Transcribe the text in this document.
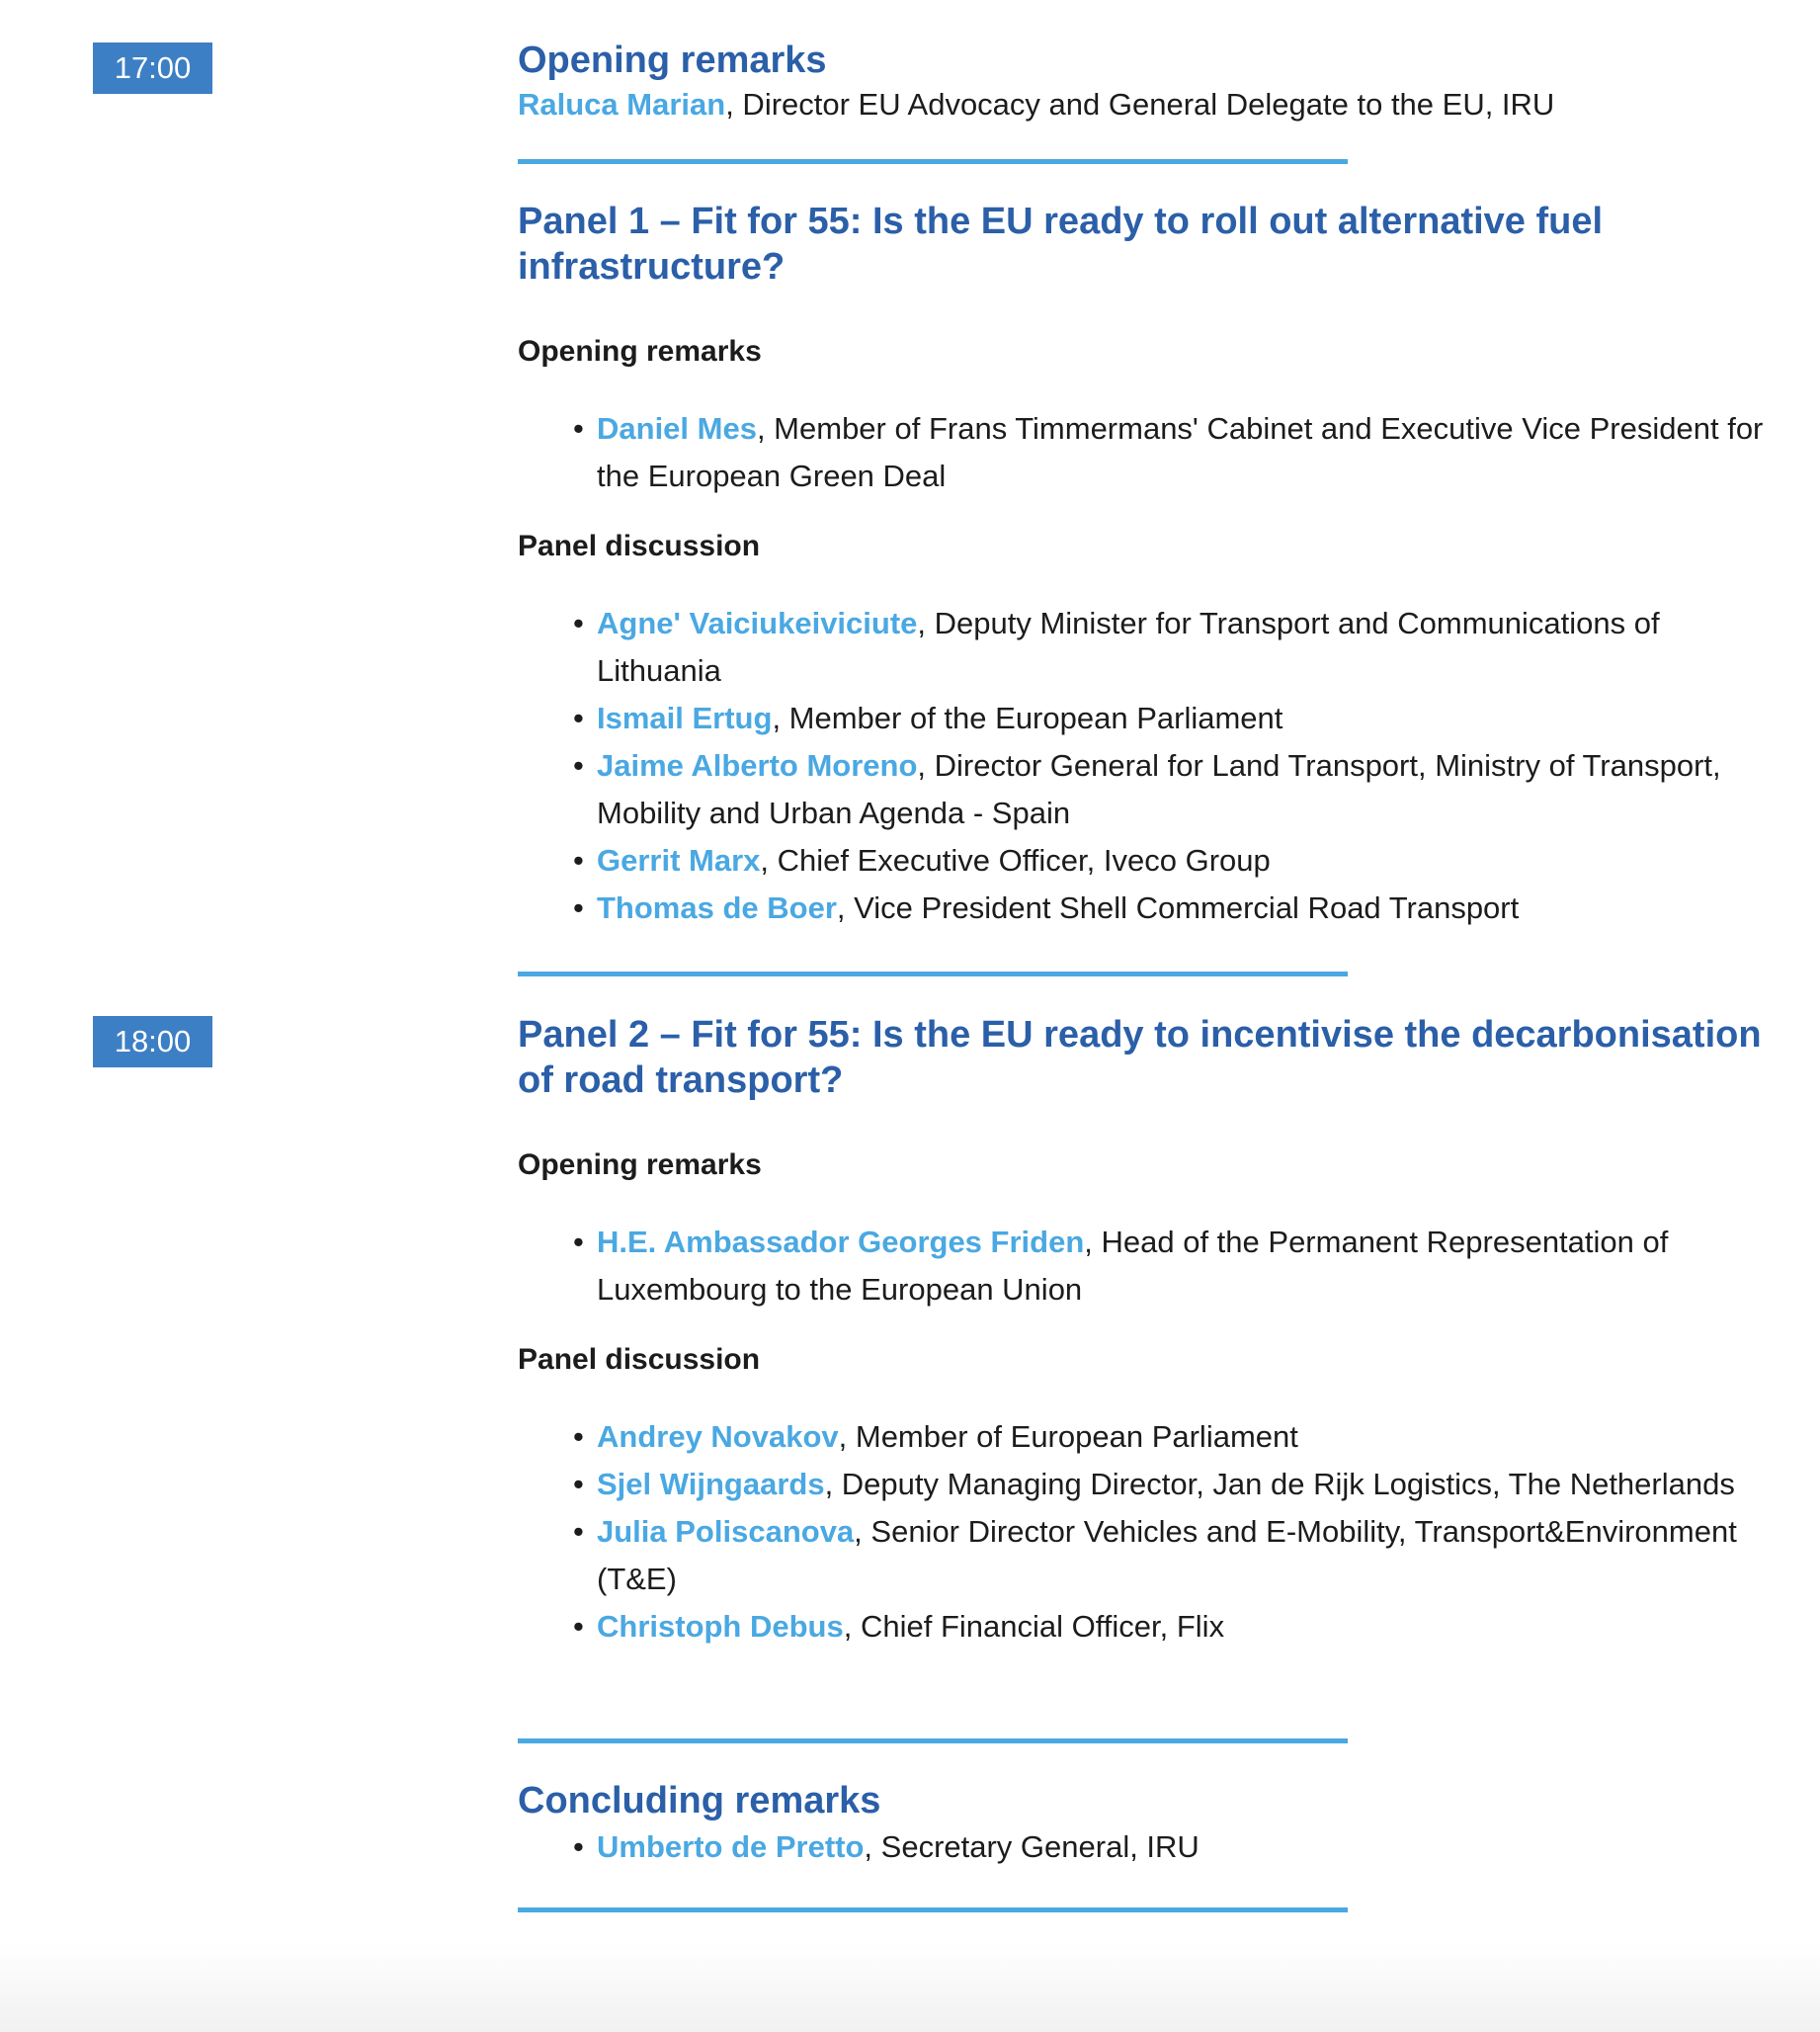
17:00
18:00
Opening remarks
Raluca Marian, Director EU Advocacy and General Delegate to the EU, IRU
Panel 1 – Fit for 55: Is the EU ready to roll out alternative fuel infrastructure?
Opening remarks
• Daniel Mes, Member of Frans Timmermans' Cabinet and Executive Vice President for the European Green Deal
Panel discussion
• Agne' Vaiciukeiviciute, Deputy Minister for Transport and Communications of Lithuania
• Ismail Ertug, Member of the European Parliament
• Jaime Alberto Moreno, Director General for Land Transport, Ministry of Transport, Mobility and Urban Agenda - Spain
• Gerrit Marx, Chief Executive Officer, Iveco Group
• Thomas de Boer, Vice President Shell Commercial Road Transport
Panel 2 – Fit for 55: Is the EU ready to incentivise the decarbonisation of road transport?
Opening remarks
• H.E. Ambassador Georges Friden, Head of the Permanent Representation of Luxembourg to the European Union
Panel discussion
• Andrey Novakov, Member of European Parliament
• Sjel Wijngaards, Deputy Managing Director, Jan de Rijk Logistics, The Netherlands
• Julia Poliscanova, Senior Director Vehicles and E-Mobility, Transport&Environment (T&E)
• Christoph Debus, Chief Financial Officer, Flix
Concluding remarks
• Umberto de Pretto, Secretary General, IRU
